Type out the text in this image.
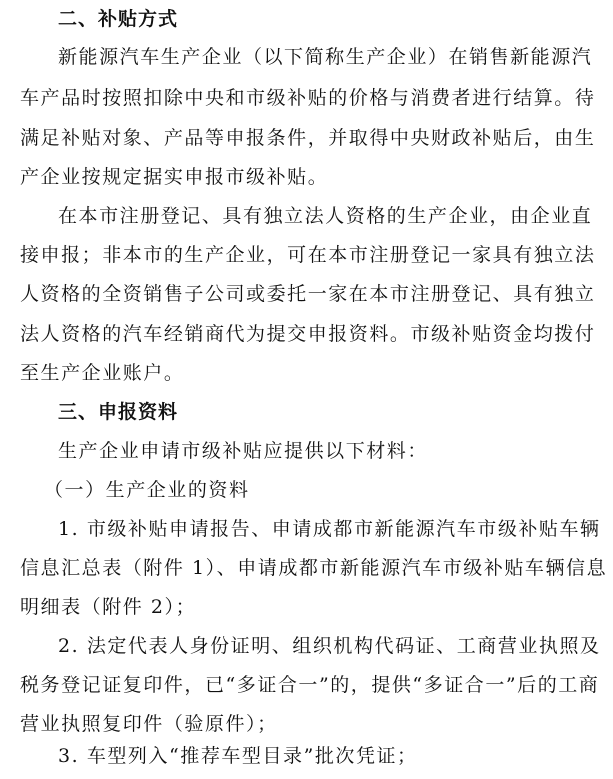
二、补贴方式
新能源汽车生产企业（以下简称生产企业）在销售新能源汽
车产品时按照扣除中央和市级补贴的价格与消费者进行结算。待
满足补贴对象、产品等申报条件，并取得中央财政补贴后，由生
产企业按规定据实申报市级补贴。
在本市注册登记、具有独立法人资格的生产企业，由企业直
接申报；非本市的生产企业，可在本市注册登记一家具有独立法
人资格的全资销售子公司或委托一家在本市注册登记、具有独立
法人资格的汽车经销商代为提交申报资料。市级补贴资金均拨付
至生产企业账户。
三、申报资料
生产企业申请市级补贴应提供以下材料：
（一）生产企业的资料
1. 市级补贴申请报告、申请成都市新能源汽车市级补贴车辆
信息汇总表（附件 1）、申请成都市新能源汽车市级补贴车辆信息
明细表（附件 2）；
2. 法定代表人身份证明、组织机构代码证、工商营业执照及
税务登记证复印件，已“多证合一”的，提供“多证合一”后的工商
营业执照复印件（验原件）；
3. 车型列入“推荐车型目录”批次凭证；
